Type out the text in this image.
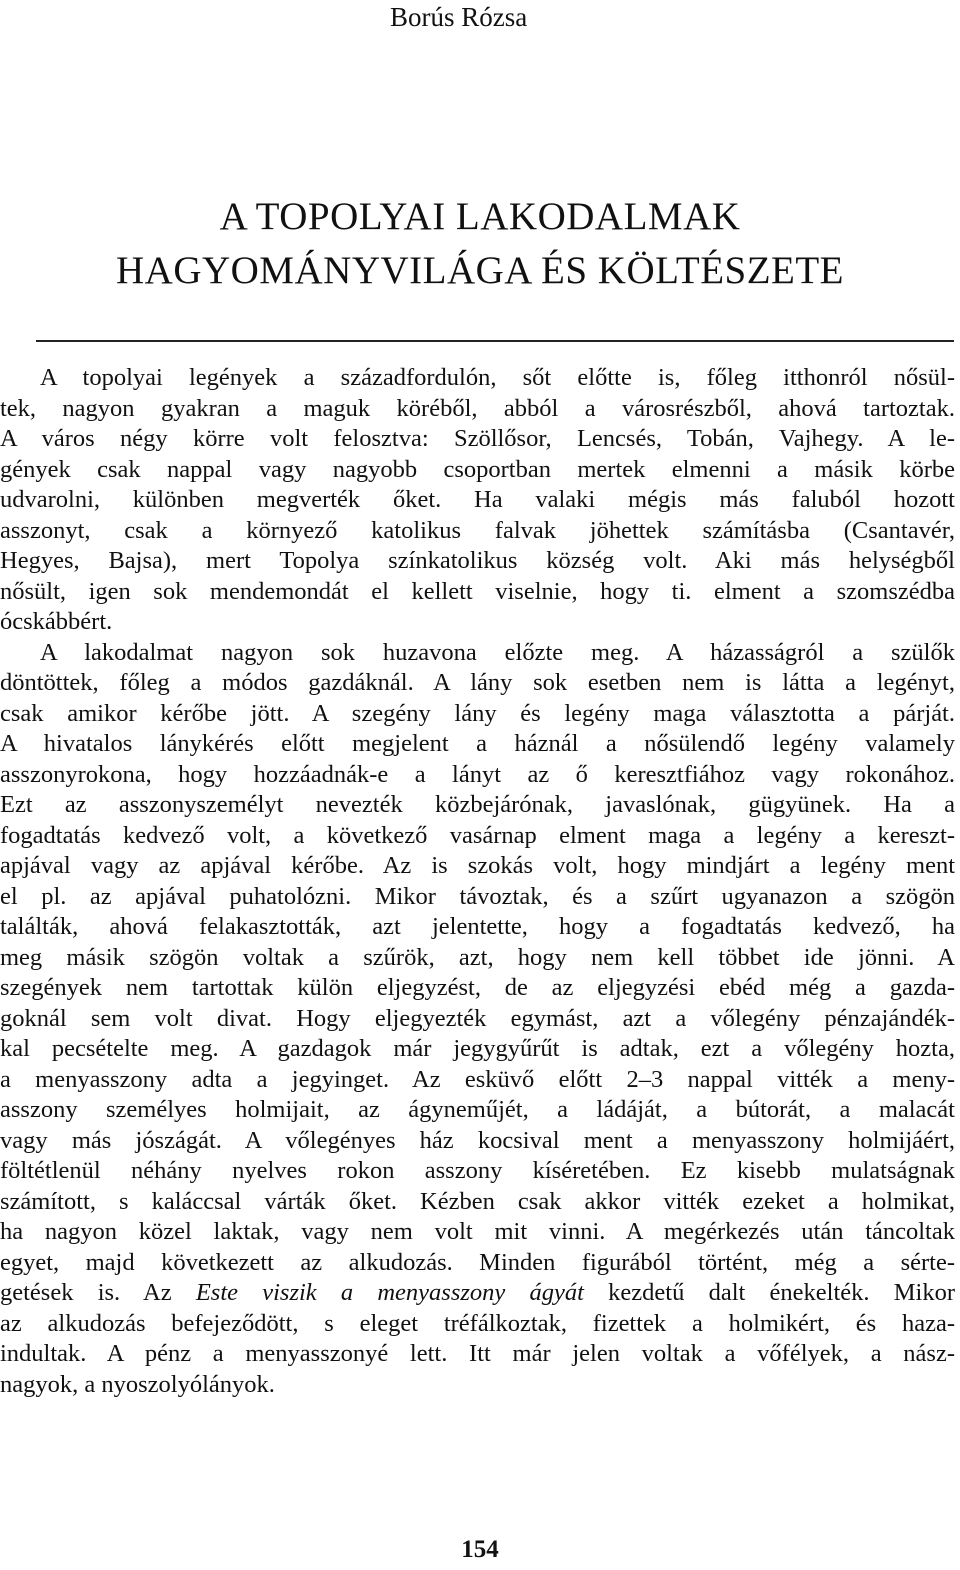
Borús Rózsa
A TOPOLYAI LAKODALMAK
HAGYOMÁNYVILÁGA ÉS KÖLTÉSZETE
A topolyai legények a századfordulón, sőt előtte is, főleg itthonról nősül-
tek, nagyon gyakran a maguk köréből, abból a városrészből, ahová tartoztak.
A város négy körre volt felosztva: Szöllősor, Lencsés, Tobán, Vajhegy. A le-
gények csak nappal vagy nagyobb csoportban mertek elmenni a másik körbe
udvarolni, különben megverték őket. Ha valaki mégis más faluból hozott
asszonyt, csak a környező katolikus falvak jöhettek számításba (Csantavér,
Hegyes, Bajsa), mert Topolya színkatolikus község volt. Aki más helységből
nősült, igen sok mendemondát el kellett viselnie, hogy ti. elment a szomszédba
ócskábbért.
A lakodalmat nagyon sok huzavona előzte meg. A házasságról a szülők
döntöttek, főleg a módos gazdáknál. A lány sok esetben nem is látta a legényt,
csak amikor kérőbe jött. A szegény lány és legény maga választotta a párját.
A hivatalos lánykérés előtt megjelent a háznál a nősülendő legény valamely
asszonyrokona, hogy hozzáadnák-e a lányt az ő keresztfiához vagy rokonához.
Ezt az asszonyszemélyt nevezték közbejárónak, javaslónak, gügyünek. Ha a
fogadtatás kedvező volt, a következő vasárnap elment maga a legény a kereszt-
apjával vagy az apjával kérőbe. Az is szokás volt, hogy mindjárt a legény ment
el pl. az apjával puhatolózni. Mikor távoztak, és a szűrt ugyanazon a szögön
találták, ahová felakasztották, azt jelentette, hogy a fogadtatás kedvező, ha
meg másik szögön voltak a szűrök, azt, hogy nem kell többet ide jönni. A
szegények nem tartottak külön eljegyzést, de az eljegyzési ebéd még a gazda-
goknál sem volt divat. Hogy eljegyezték egymást, azt a vőlegény pénzajándék-
kal pecsételte meg. A gazdagok már jegygyűrűt is adtak, ezt a vőlegény hozta,
a menyasszony adta a jegyinget. Az esküvő előtt 2–3 nappal vitték a meny-
asszony személyes holmijait, az ágyneműjét, a ládáját, a bútorát, a malacát
vagy más jószágát. A vőlegényes ház kocsival ment a menyasszony holmijáért,
föltétlenül néhány nyelves rokon asszony kíséretében. Ez kisebb mulatságnak
számított, s kaláccsal várták őket. Kézben csak akkor vitték ezeket a holmikat,
ha nagyon közel laktak, vagy nem volt mit vinni. A megérkezés után táncoltak
egyet, majd következett az alkudozás. Minden figurából történt, még a sérte-
getések is. Az Este viszik a menyasszony ágyát kezdetű dalt énekelték. Mikor
az alkudozás befejeződött, s eleget tréfálkoztak, fizettek a holmikért, és haza-
indultak. A pénz a menyasszonyé lett. Itt már jelen voltak a vőfélyek, a nász-
nagyok, a nyoszolyólányok.
154
